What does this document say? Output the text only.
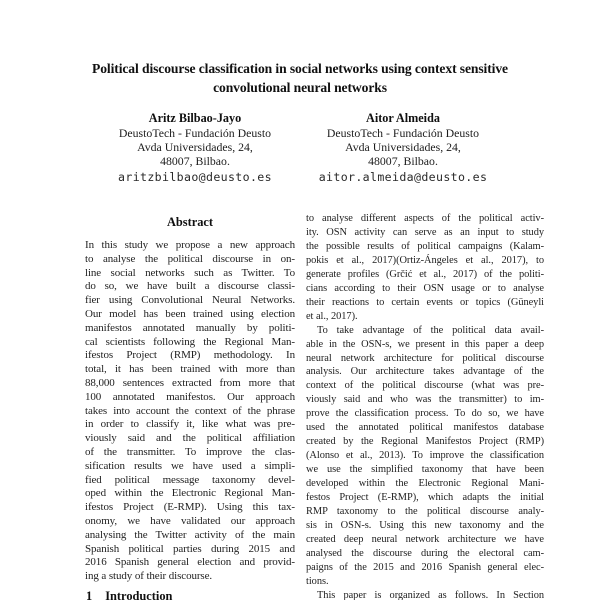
Political discourse classification in social networks using context sensitive
convolutional neural networks
Aritz Bilbao-Jayo
DeustoTech - Fundación Deusto
Avda Universidades, 24,
48007, Bilbao.
aritzbilbao@deusto.es
Aitor Almeida
DeustoTech - Fundación Deusto
Avda Universidades, 24,
48007, Bilbao.
aitor.almeida@deusto.es
Abstract
In this study we propose a new approach
to analyse the political discourse in on-
line social networks such as Twitter. To
do so, we have built a discourse classi-
fier using Convolutional Neural Networks.
Our model has been trained using election
manifestos annotated manually by politi-
cal scientists following the Regional Man-
ifestos Project (RMP) methodology. In
total, it has been trained with more than
88,000 sentences extracted from more that
100 annotated manifestos. Our approach
takes into account the context of the phrase
in order to classify it, like what was pre-
viously said and the political affiliation
of the transmitter. To improve the clas-
sification results we have used a simpli-
fied political message taxonomy devel-
oped within the Electronic Regional Man-
ifestos Project (E-RMP). Using this tax-
onomy, we have validated our approach
analysing the Twitter activity of the main
Spanish political parties during 2015 and
2016 Spanish general election and provid-
ing a study of their discourse.
1 Introduction
to analyse different aspects of the political activ-
ity. OSN activity can serve as an input to study
the possible results of political campaigns (Kalam-
pokis et al., 2017)(Ortiz-Ángeles et al., 2017), to
generate profiles (Grčić et al., 2017) of the politi-
cians according to their OSN usage or to analyse
their reactions to certain events or topics (Güneyli
et al., 2017).
To take advantage of the political data avail-
able in the OSN-s, we present in this paper a deep
neural network architecture for political discourse
analysis. Our architecture takes advantage of the
context of the political discourse (what was pre-
viously said and who was the transmitter) to im-
prove the classification process. To do so, we have
used the annotated political manifestos database
created by the Regional Manifestos Project (RMP)
(Alonso et al., 2013). To improve the classification
we use the simplified taxonomy that have been
developed within the Electronic Regional Mani-
festos Project (E-RMP), which adapts the initial
RMP taxonomy to the political discourse analy-
sis in OSN-s. Using this new taxonomy and the
created deep neural network architecture we have
analysed the discourse during the electoral cam-
paigns of the 2015 and 2016 Spanish general elec-
tions.
This paper is organized as follows. In Section
